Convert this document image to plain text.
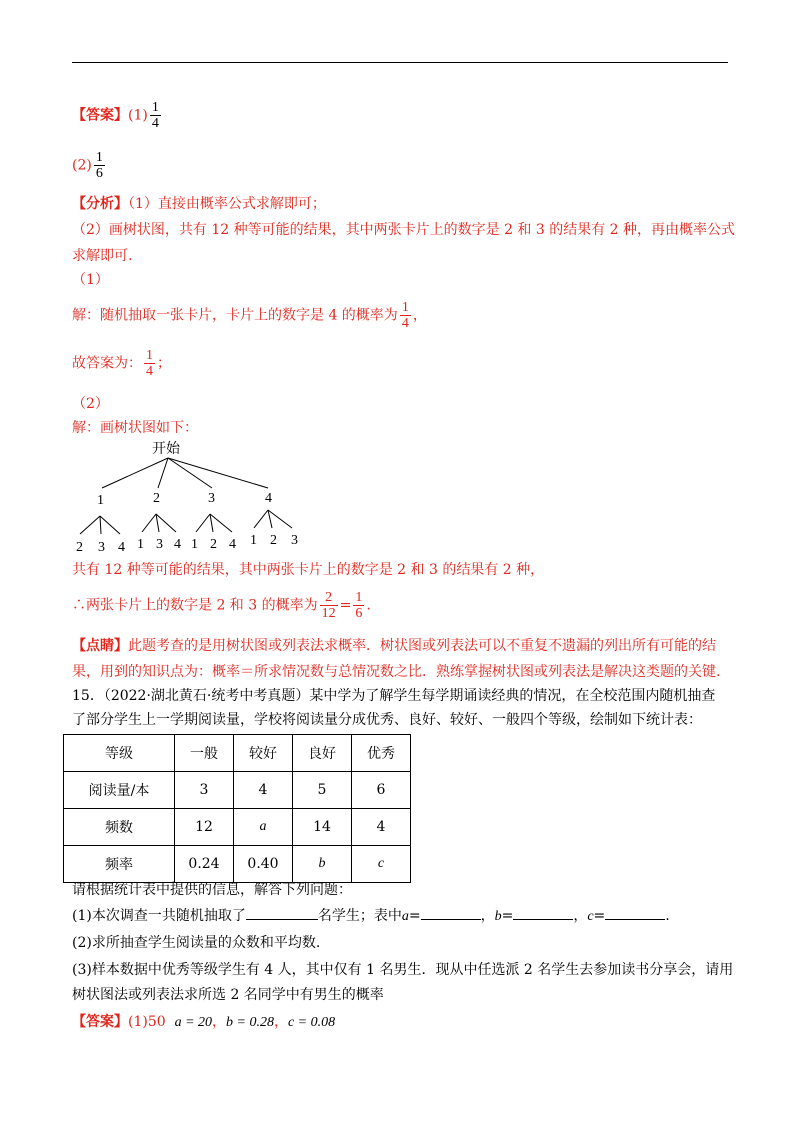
【答案】$(1) \frac{1}{4}$
$(2) \frac{1}{6}$
【分析】（1）直接由概率公式求解即可；
（2）画树状图，共有 12 种等可能的结果，其中两张卡片上的数字是 2 和 3 的结果有 2 种，再由概率公式
求解即可.
（1）
解：随机抽取一张卡片，卡片上的数字是 4 的概率为 $\frac{1}{4}$ ，
故答案为： $\frac{1}{4}$ ；
（2）
解：画树状图如下：
开始
1	2	3	4
2 3 4 1 3 4 1 2 4 1 2 3
共有 12 种等可能的结果，其中两张卡片上的数字是 2 和 3 的结果有 2 种，
∴两张卡片上的数字是 2 和 3 的概率为 $\frac{2}{12} = \frac{1}{6}$ .
【点睛】此题考查的是用树状图或列表法求概率．树状图或列表法可以不重复不遗漏的列出所有可能的结
果，用到的知识点为：概率＝所求情况数与总情况数之比．熟练掌握树状图或列表法是解决这类题的关键.
15．（2022·湖北黄石·统考中考真题）某中学为了解学生每学期诵读经典的情况，在全校范围内随机抽查
了部分学生上一学期阅读量，学校将阅读量分成优秀、良好、较好、一般四个等级，绘制如下统计表：
等级	一般	较好	良好	优秀
阅读量/本	3	4	5	6
频数	12	a	14	4
频率	0.24	0.40	b	c
请根据统计表中提供的信息，解答下列问题：
(1)本次调查一共随机抽取了	名学生；表中a=	，b=	，c=	.
(2)求所抽查学生阅读量的众数和平均数.
(3)样本数据中优秀等级学生有 4 人，其中仅有 1 名男生．现从中任选派 2 名学生去参加读书分享会，请用
树状图法或列表法求所选 2 名同学中有男生的概率
【答案】(1)50 a = 20，b = 0.28，c = 0.08
